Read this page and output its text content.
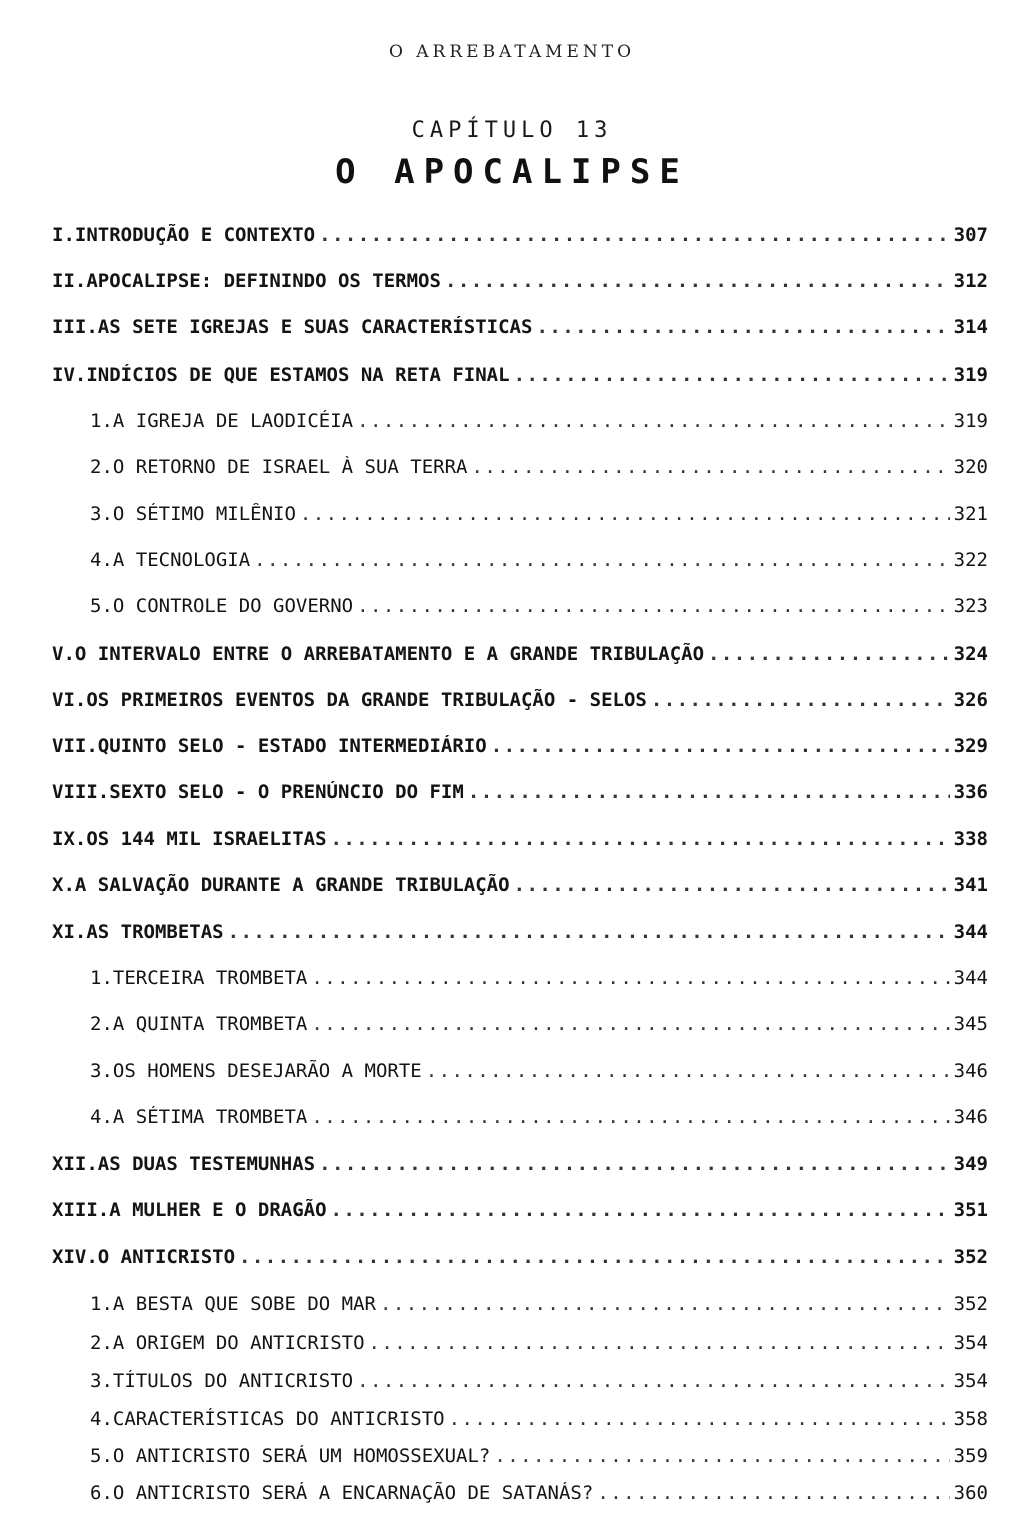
O ARREBATAMENTO
CAPÍTULO 13
O APOCALIPSE
I.INTRODUÇÃO E CONTEXTO . . .	307
II.APOCALIPSE: DEFININDO OS TERMOS . . .	312
III.AS SETE IGREJAS E SUAS CARACTERÍSTICAS . . .	314
IV.INDÍCIOS DE QUE ESTAMOS NA RETA FINAL . . .	319
1.A IGREJA DE LAODICÉIA . . .	319
2.O RETORNO DE ISRAEL À SUA TERRA . . .	320
3.O SÉTIMO MILÊNIO . . .	321
4.A TECNOLOGIA . . .	322
5.O CONTROLE DO GOVERNO . . .	323
V.O INTERVALO ENTRE O ARREBATAMENTO E A GRANDE TRIBULAÇÃO . . .	324
VI.OS PRIMEIROS EVENTOS DA GRANDE TRIBULAÇÃO - SELOS . . .	326
VII.QUINTO SELO - ESTADO INTERMEDIÁRIO . . .	329
VIII.SEXTO SELO - O PRENÚNCIO DO FIM . . .	336
IX.OS 144 MIL ISRAELITAS . . .	338
X.A SALVAÇÃO DURANTE A GRANDE TRIBULAÇÃO . . .	341
XI.AS TROMBETAS . . .	344
1.TERCEIRA TROMBETA . . .	344
2.A QUINTA TROMBETA . . .	345
3.OS HOMENS DESEJARÃO A MORTE . . .	346
4.A SÉTIMA TROMBETA . . .	346
XII.AS DUAS TESTEMUNHAS . . .	349
XIII.A MULHER E O DRAGÃO . . .	351
XIV.O ANTICRISTO . . .	352
1.A BESTA QUE SOBE DO MAR . . .	352
2.A ORIGEM DO ANTICRISTO . . .	354
3.TÍTULOS DO ANTICRISTO . . .	354
4.CARACTERÍSTICAS DO ANTICRISTO . . .	358
5.O ANTICRISTO SERÁ UM HOMOSSEXUAL? . . .	359
6.O ANTICRISTO SERÁ A ENCARNAÇÃO DE SATANÁS? . . .	360
